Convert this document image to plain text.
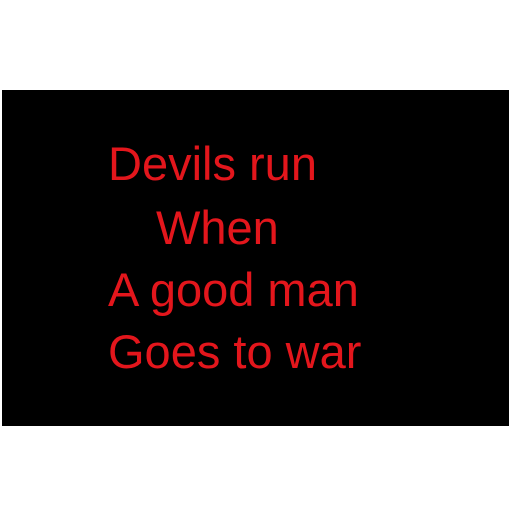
Devils run

When

A good man

Goes to war
